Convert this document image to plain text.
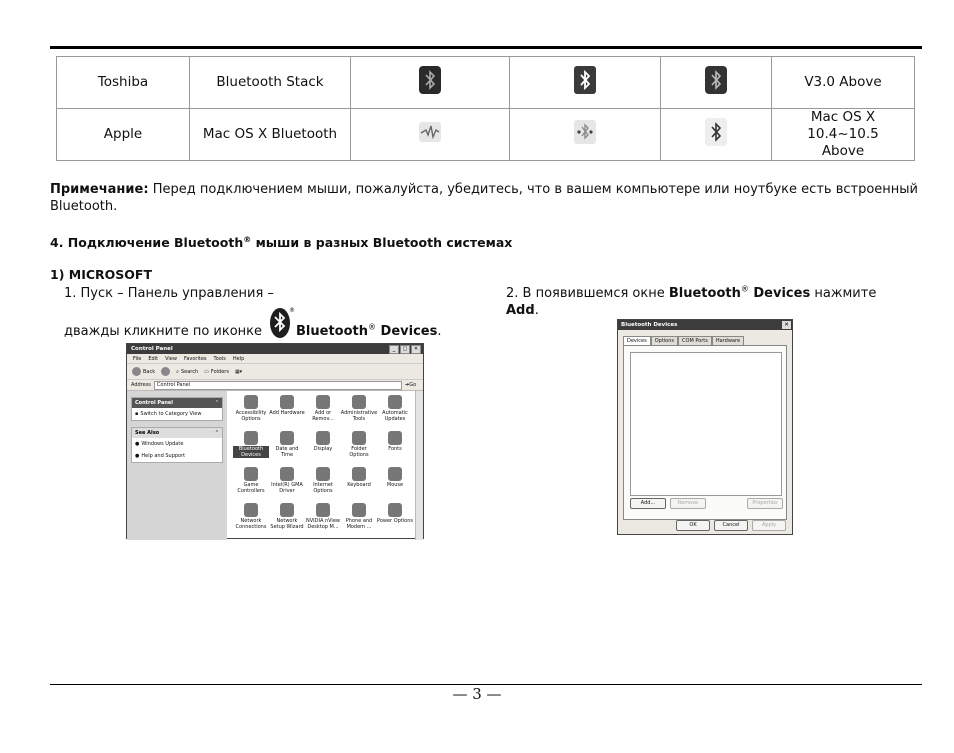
Toshiba	Bluetooth Stack				V3.0 Above
Apple	Mac OS X Bluetooth				Mac OS X 10.4~10.5 Above
Примечание: Перед подключением мыши, пожалуйста, убедитесь, что в вашем компьютере или ноутбуке есть встроенный Bluetooth.
4. Подключение Bluetooth® мыши в разных Bluetooth системах
1) MICROSOFT
1. Пуск – Панель управления –
дважды кликните по иконке	Bluetooth® Devices.
®
2. В появившемся окне Bluetooth® Devices нажмите Add.
Control Panel	_	□	✕
File Edit View Favorites Tools Help
Back	⌕ Search ▭ Folders ▦▾
Address Control Panel	➔Go
Control Panel	⌃
▪ Switch to Category View
See Also	⌃
● Windows Update
● Help and Support
Accessibility Options
Add Hardware	Add or Remov...
Administrative Tools
Automatic Updates
Bluetooth Devices
Date and Time
Display	Folder Options
Fonts
Game Controllers
Intel(R) GMA Driver
Internet Options
Keyboard	Mouse
Network Connections
Network Setup Wizard
NVIDIA nView Desktop M...
Phone and Modem ...
Power Options
Bluetooth Devices	✕
Devices	Options	COM Ports	Hardware
Add...	Remove	Properties
OK	Cancel	Apply
— 3 —
